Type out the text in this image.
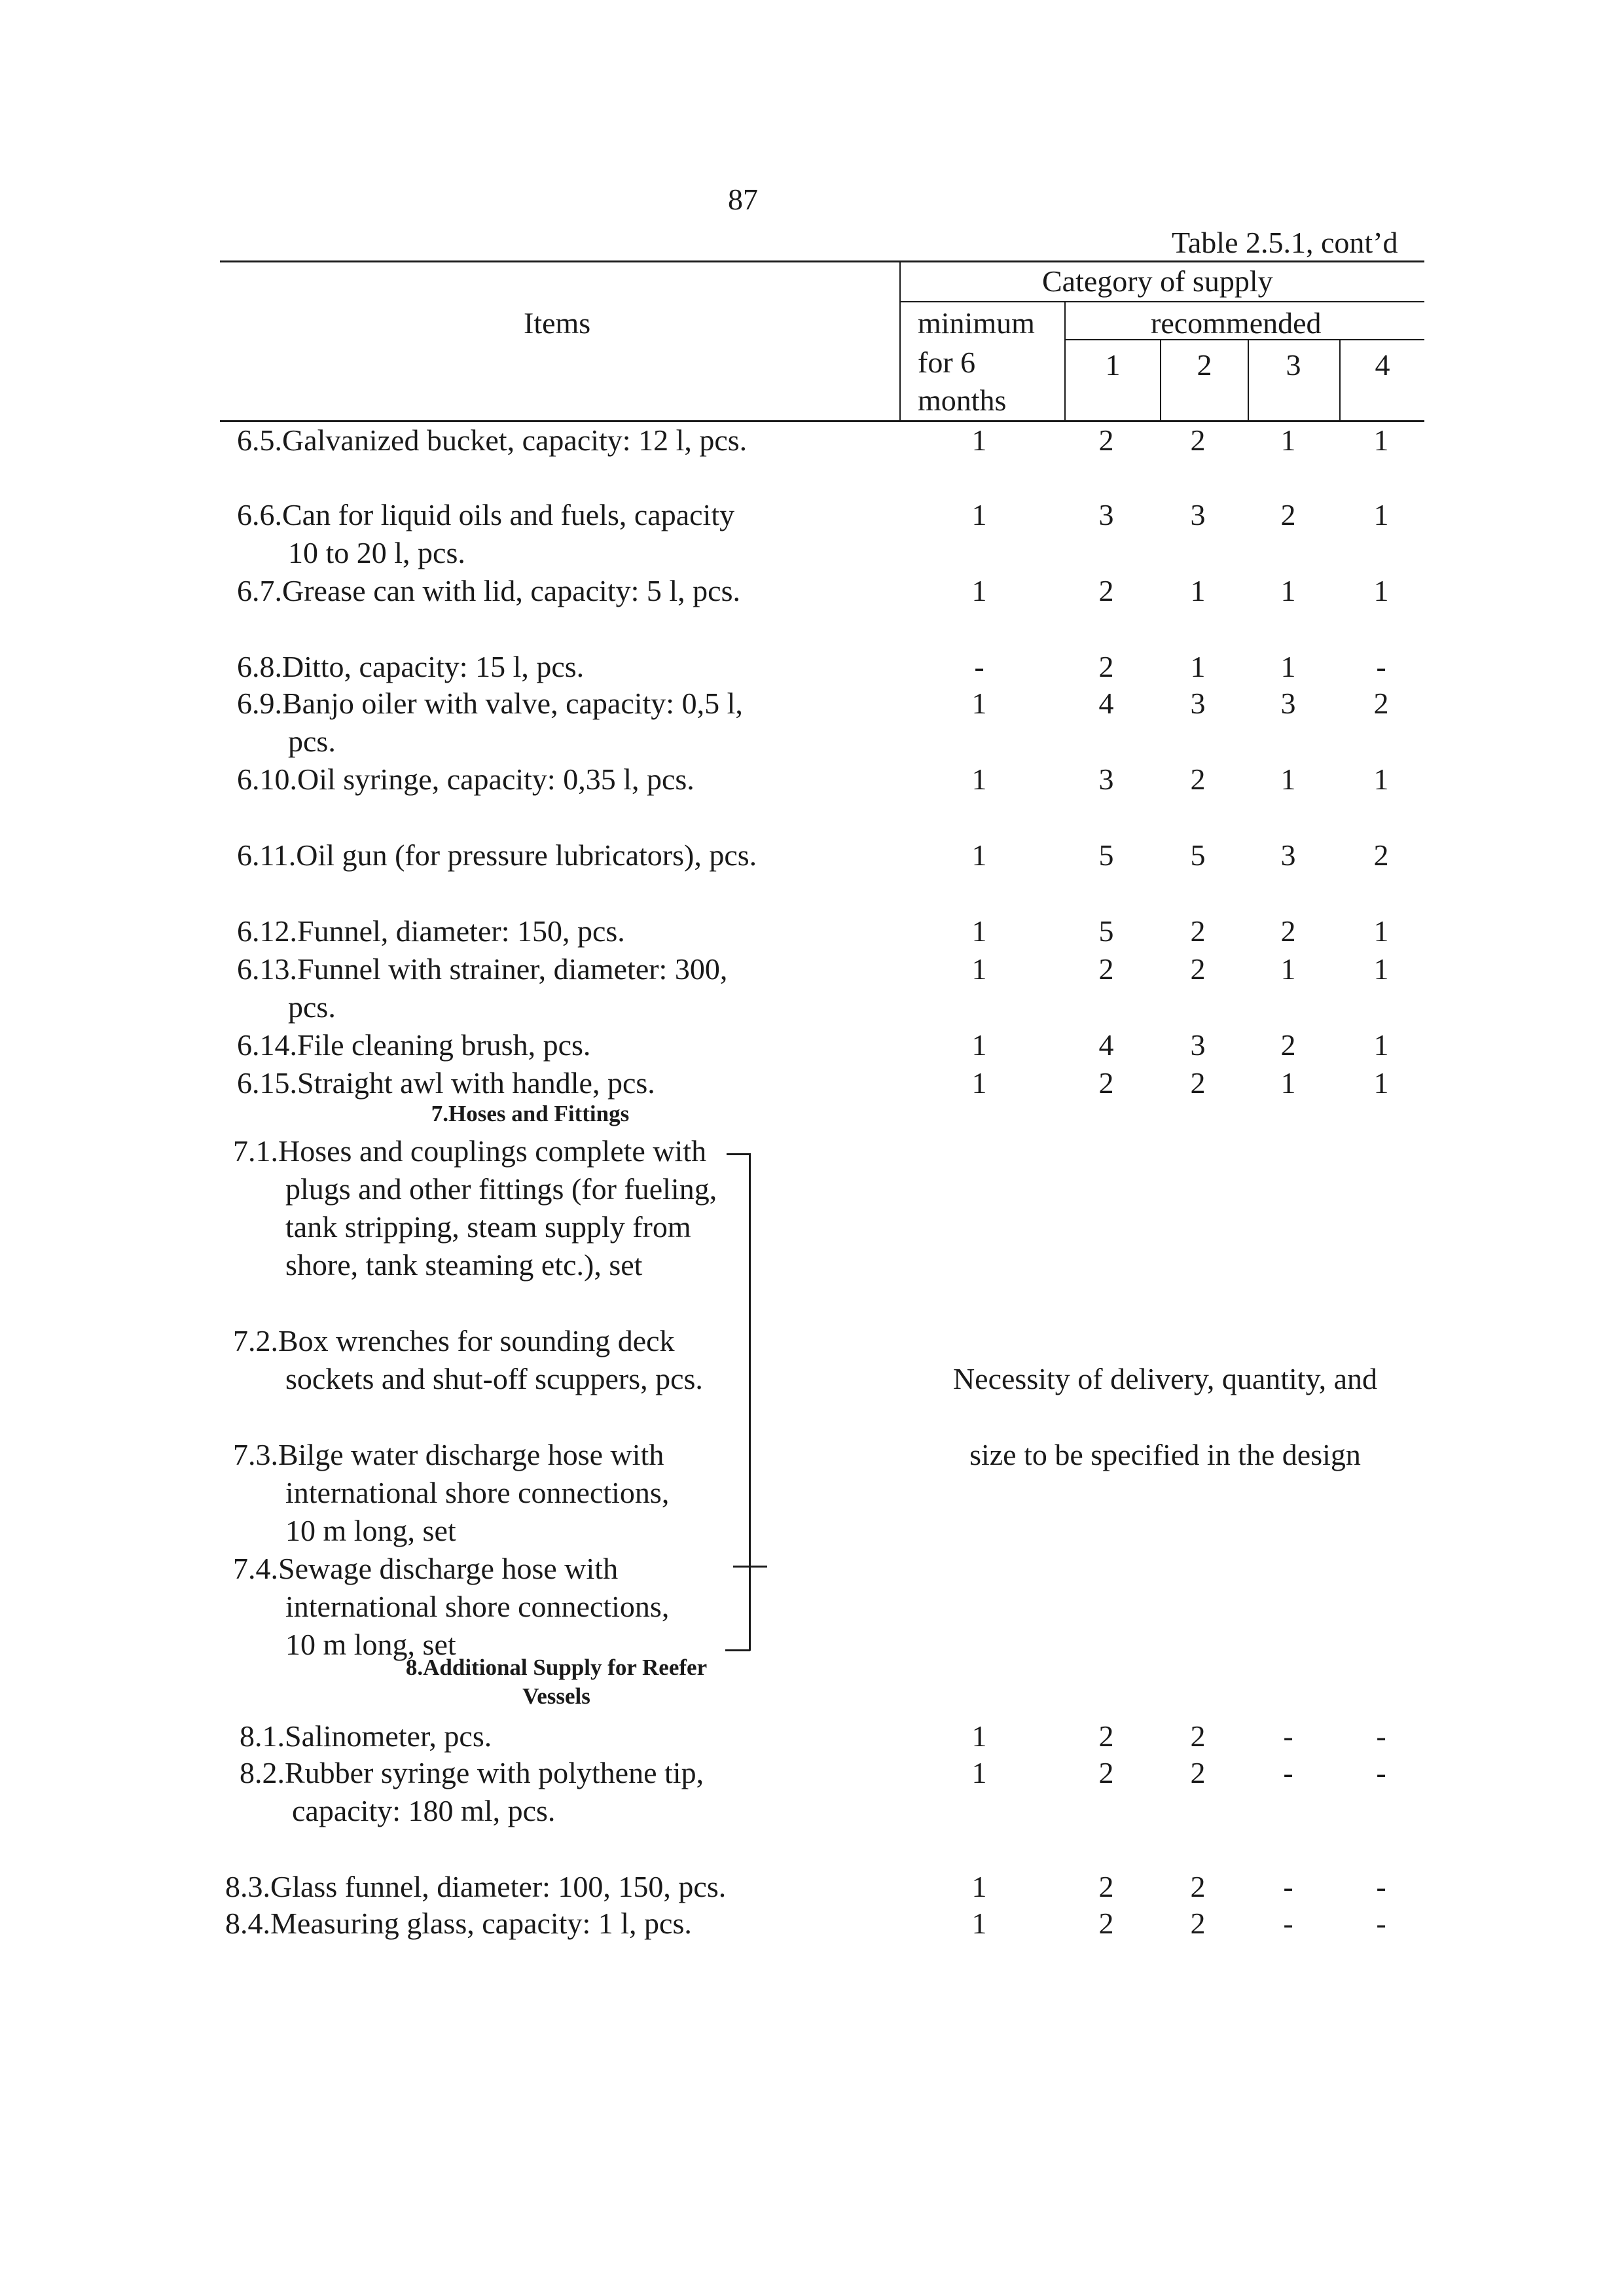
87
Table 2.5.1, cont’d
Items
Category of supply
minimum
for 6
months
recommended
1	2	3	4
6.5.Galvanized bucket, capacity: 12 l, pcs.	1	2	2	1	1
6.6.Can for liquid oils and fuels, capacity
10 to 20 l, pcs.
1	3	3	2	1
6.7.Grease can with lid, capacity: 5 l, pcs.	1	2	1	1	1
6.8.Ditto, capacity: 15 l, pcs.	-	2	1	1	-
6.9.Banjo oiler with valve, capacity: 0,5 l,
pcs.
1	4	3	3	2
6.10.Oil syringe, capacity: 0,35 l, pcs.	1	3	2	1	1
6.11.Oil gun (for pressure lubricators), pcs.	1	5	5	3	2
6.12.Funnel, diameter: 150, pcs.	1	5	2	2	1
6.13.Funnel with strainer, diameter: 300,
pcs.
1	2	2	1	1
6.14.File cleaning brush, pcs.	1	4	3	2	1
6.15.Straight awl with handle, pcs.	1	2	2	1	1
7.Hoses and Fittings
7.1.Hoses and couplings complete with
plugs and other fittings (for fueling,
tank stripping, steam supply from
shore, tank steaming etc.), set
7.2.Box wrenches for sounding deck
sockets and shut-off scuppers, pcs.
7.3.Bilge water discharge hose with
international shore connections,
10 m long, set
7.4.Sewage discharge hose with
international shore connections,
10 m long, set
Necessity of delivery, quantity, and
size to be specified in the design
8.Additional Supply for Reefer
Vessels
8.1.Salinometer, pcs.	1	2	2	-	-
8.2.Rubber syringe with polythene tip,
capacity: 180 ml, pcs.
1	2	2	-	-
8.3.Glass funnel, diameter: 100, 150, pcs.	1	2	2	-	-
8.4.Measuring glass, capacity: 1 l, pcs.	1	2	2	-	-
